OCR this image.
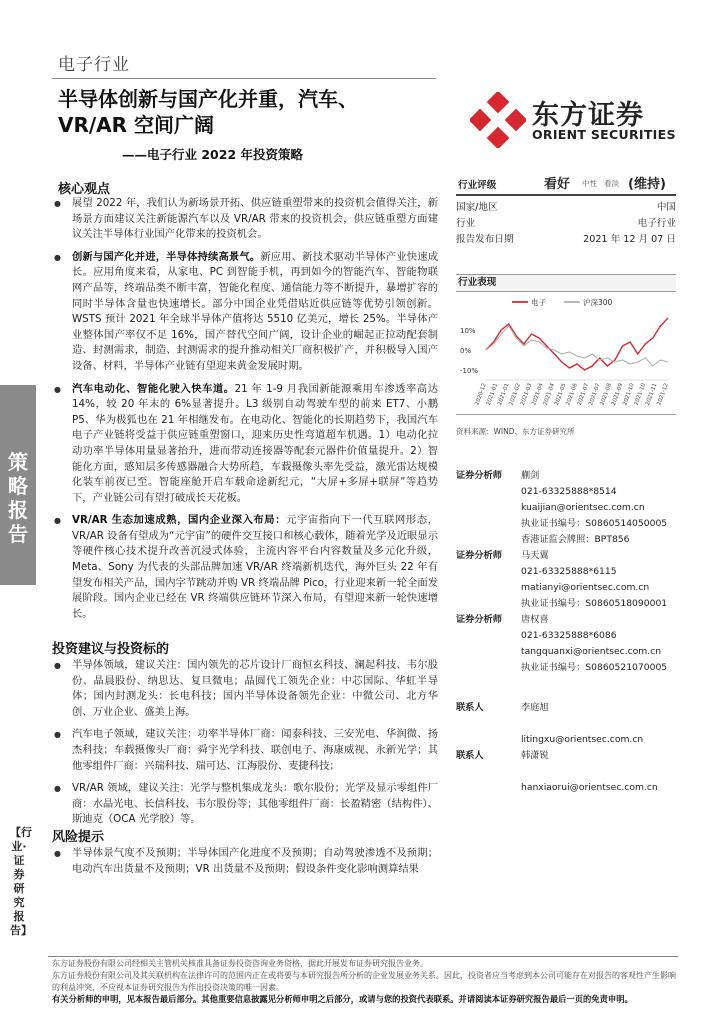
电子行业
半导体创新与国产化并重，汽车、
VR/AR 空间广阔
——电子行业 2022 年投资策略
东方证券
ORIENT SECURITIES
策略报告
【行业·证券研究报告】
核心观点
● 展望 2022 年，我们认为新场景开拓、供应链重塑带来的投资机会值得关注，新场景方面建议关注新能源汽车以及 VR/AR 带来的投资机会，供应链重塑方面建议关注半导体行业国产化带来的投资机会。
● 创新与国产化并进，半导体持续高景气。新应用、新技术驱动半导体产业快速成长。应用角度来看，从家电、PC 到智能手机，再到如今的智能汽车、智能物联网产品等，终端品类不断丰富，智能化程度、通信能力等不断提升，暴增扩容的同时半导体含量也快速增长。部分中国企业凭借贴近供应链等优势引领创新。WSTS 预计 2021 年全球半导体产值将达 5510 亿美元，增长 25%。半导体产业整体国产率仅不足 16%，国产替代空间广阔，设计企业的崛起正拉动配套制造、封测需求，制造、封测需求的提升推动相关厂商积极扩产，并积极导入国产设备、材料，半导体产业链有望迎来黄金发展时期。
● 汽车电动化、智能化驶入快车道。21 年 1-9 月我国新能源乘用车渗透率高达 14%，较 20 年末的 6%显著提升。L3 级别自动驾驶车型的前来 ET7、小鹏 P5、华为极狐也在 21 年相继发布。在电动化、智能化的长期趋势下，我国汽车电子产业链将受益于供应链重塑窗口，迎来历史性弯道超车机遇。1）电动化拉动功率半导体用量显著抬升，进而带动连接器等配套元器件价值量提升。2）智能化方面，感知层多传感器融合大势所趋，车载摄像头率先受益，激光雷达规模化装车前夜已至。智能座舱开启车载命途新纪元，“大屏+多屏+联屏”等趋势下，产业链公司有望打破成长天花板。
● VR/AR 生态加速成熟，国内企业深入布局：元宇宙指向下一代互联网形态，VR/AR 设备有望成为“元宇宙”的硬件交互接口和核心载体，随着光学及近眼显示等硬件核心技术提升改善沉浸式体验，主流内容平台内容数量及多元化升级，Meta、Sony 为代表的头部品牌加速 VR/AR 终端新机迭代，海外巨头 22 年有望发布相关产品，国内字节跳动并购 VR 终端品牌 Pico，行业迎来新一轮全面发展阶段。国内企业已经在 VR 终端供应链环节深入布局，有望迎来新一轮快速增长。
投资建议与投资标的
● 半导体领域，建议关注：国内领先的芯片设计厂商恒玄科技、澜起科技、韦尔股份、晶晨股份、纳思达、复旦微电；晶圆代工领先企业：中芯国际、华虹半导体；国内封测龙头：长电科技；国内半导体设备领先企业：中微公司、北方华创、万业企业、盛美上海。
● 汽车电子领域，建议关注：功率半导体厂商：闻泰科技、三安光电、华润微、扬杰科技；车载摄像头厂商：舜宇光学科技、联创电子、海康威视、永新光学；其他零组件厂商：兴瑞科技、瑞可达、江海股份、麦捷科技；
● VR/AR 领域，建议关注：光学与整机集成龙头：歌尔股份；光学及显示零组件厂商：水晶光电、长信科技、韦尔股份等；其他零组件厂商：长盈精密（结构件）、斯迪克（OCA 光学胶）等。
风险提示
● 半导体景气度不及预期；半导体国产化进度不及预期；自动驾驶渗透不及预期；电动汽车出货量不及预期；VR 出货量不及预期；假设条件变化影响测算结果
行业评级	看好 中性 看淡 (维持)
国家/地区	中国
行业	电子行业
报告发布日期	2021 年 12 月 07 日
行业表现
电子	沪深300
10%
0%
-10%
2020-12
2021-01
2021-01
2021-02
2021-03
2021-04
2021-04
2021-05
2021-06
2021-07
2021-07
2021-08
2021-09
2021-10
2021-10
2021-11
2021-12
资料来源：WIND、东方证券研究所
证券分析师 蒯剑
021-63325888*8514
kuaijian@orientsec.com.cn
执业证书编号：S0860514050005
香港证监会牌照：BPT856
证券分析师 马天翼
021-63325888*6115
matianyi@orientsec.com.cn
执业证书编号：S0860518090001
证券分析师 唐权喜
021-63325888*6086
tangquanxi@orientsec.com.cn
执业证书编号：S0860521070005
联系人	李庭旭
litingxu@orientsec.com.cn
联系人	韩潇锐
hanxiaorui@orientsec.com.cn
东方证券股份有限公司经相关主管机关核准具备证券投资咨询业务资格，据此开展发布证券研究报告业务。
东方证券股份有限公司及其关联机构在法律许可的范围内正在或将要与本研究报告所分析的企业发展业务关系。因此，投资者应当考虑到本公司可能存在对报告的客观性产生影响的利益冲突，不应视本证券研究报告为作出投资决策的唯一因素。
有关分析师的申明，见本报告最后部分。其他重要信息披露见分析师申明之后部分，或请与您的投资代表联系。并请阅读本证券研究报告最后一页的免责申明。
